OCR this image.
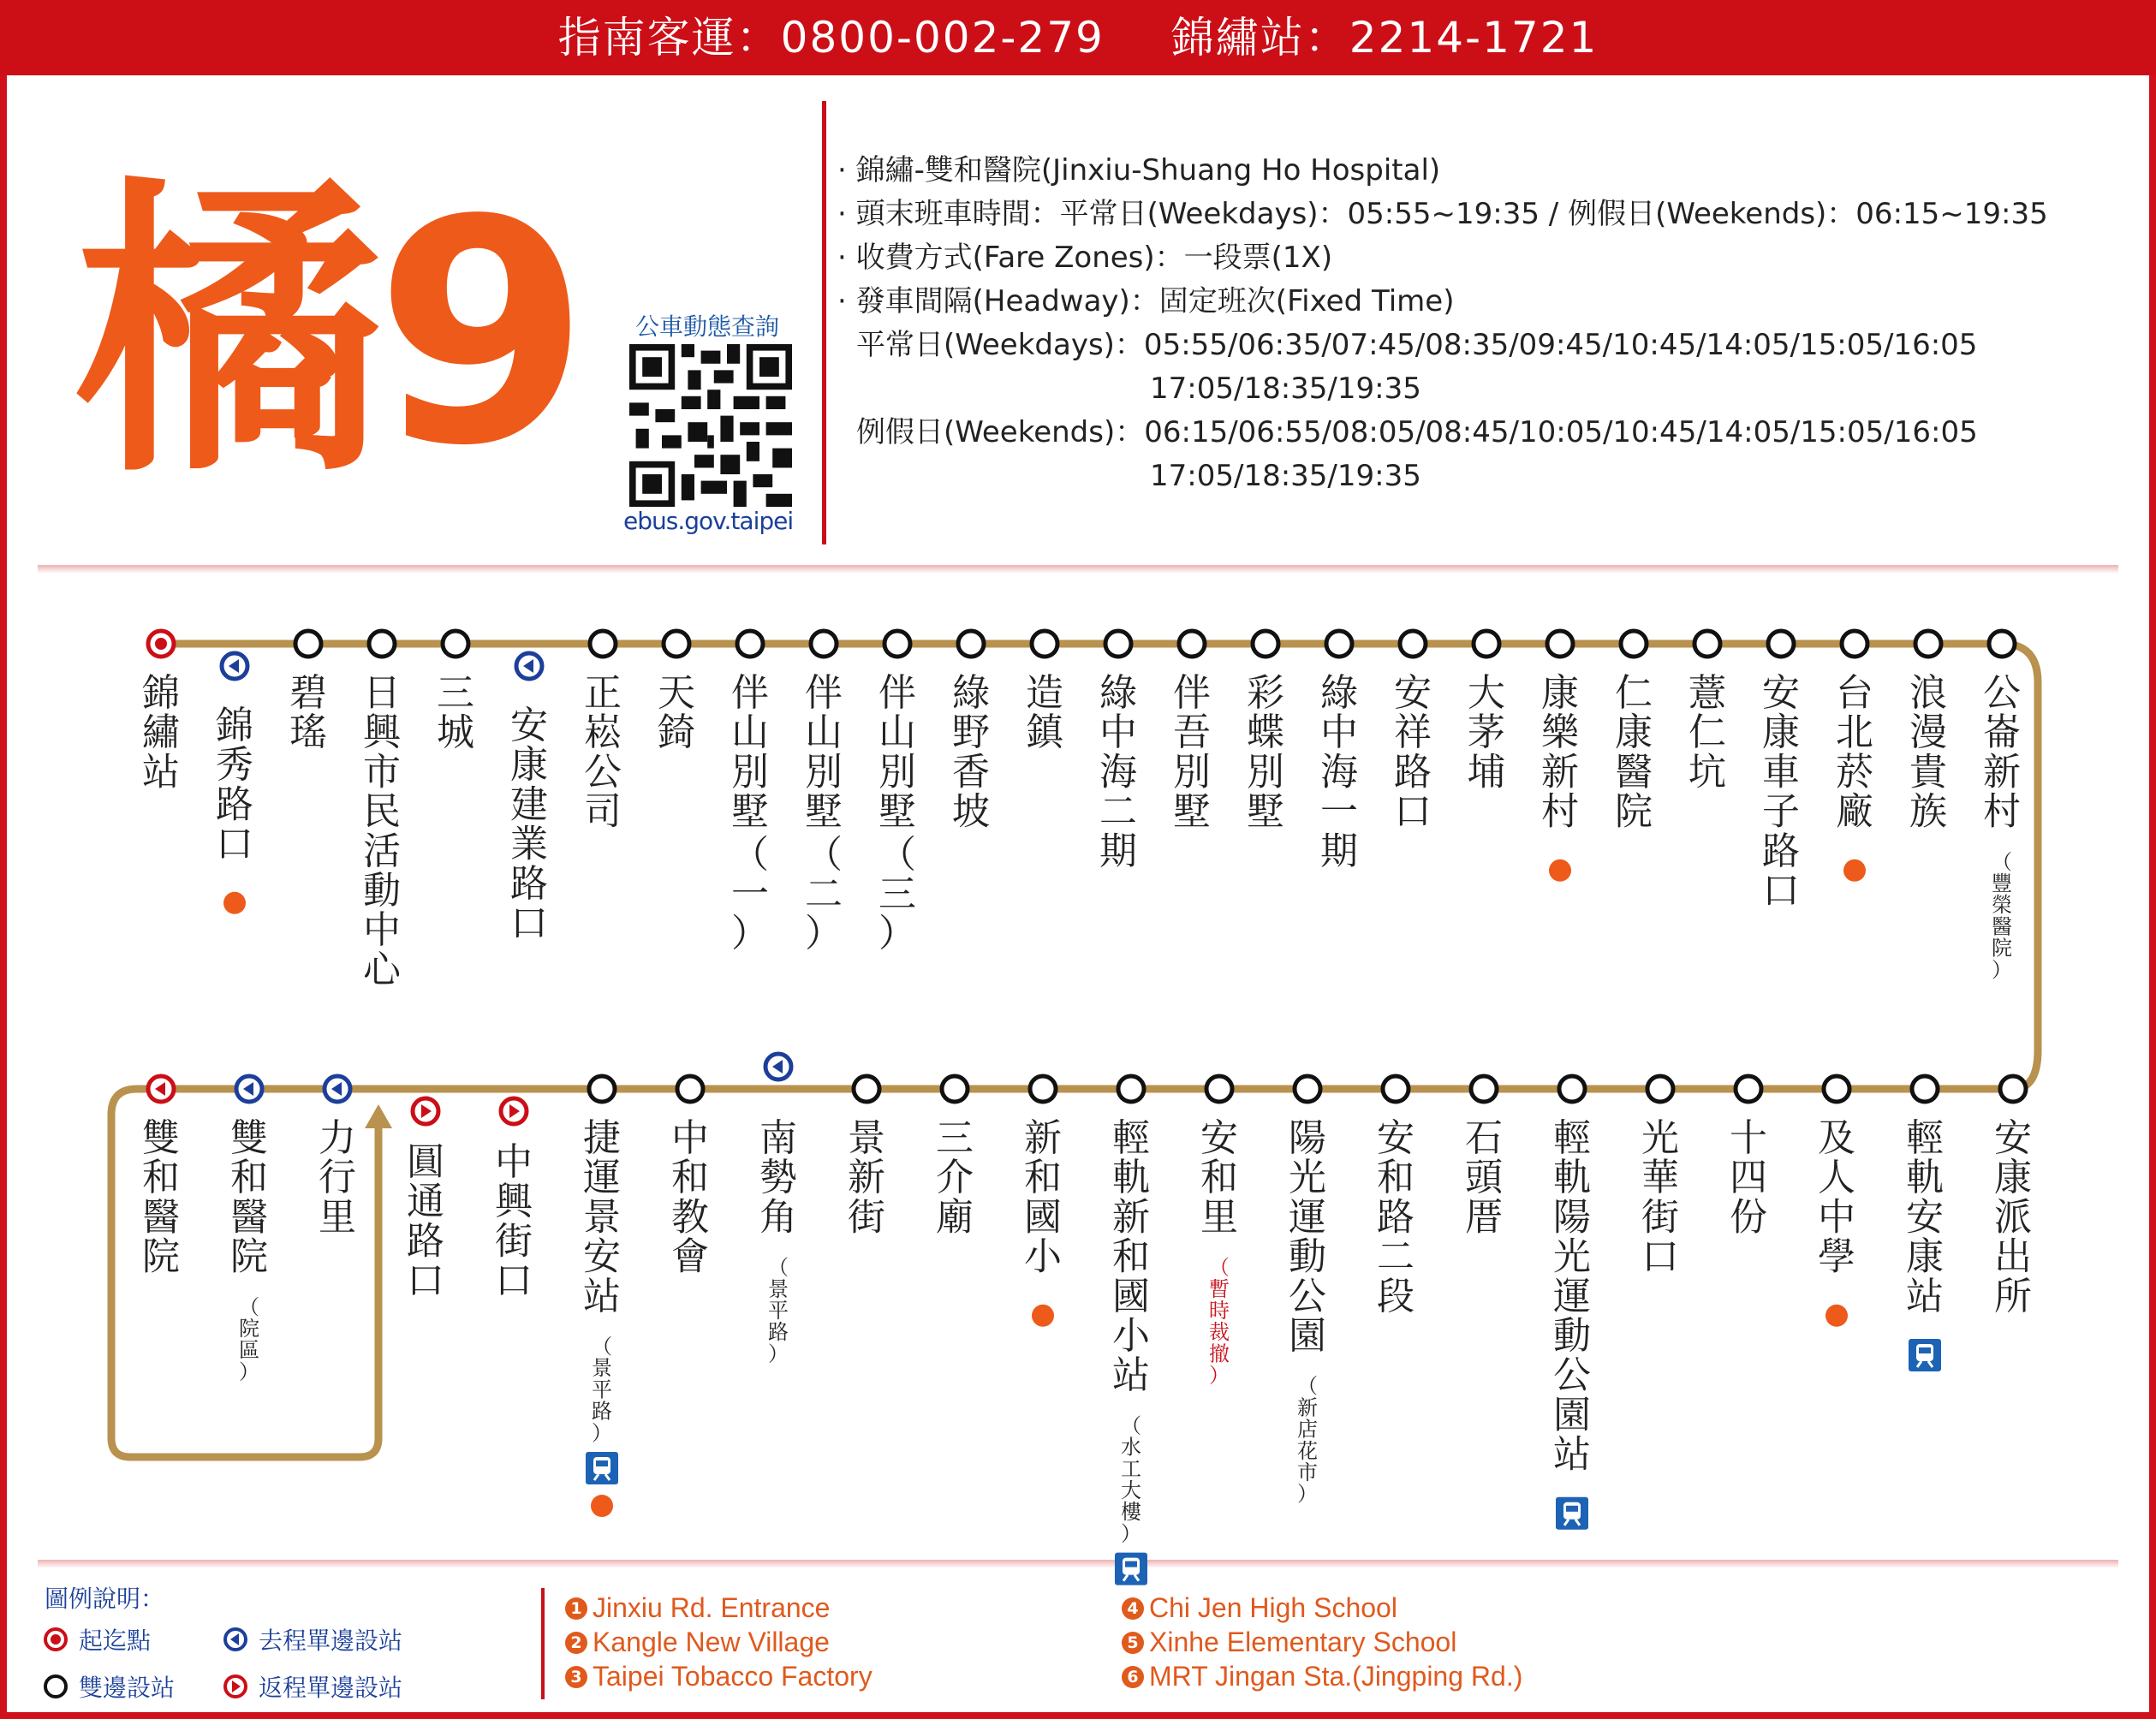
指南客運：0800-002-279 錦繡站：2214-1721
橘9 公車動態查詢
ebus.gov.taipei
· 錦繡-雙和醫院(Jinxiu-Shuang Ho Hospital)
· 頭末班車時間：平常日(Weekdays)：05:55~19:35 / 例假日(Weekends)：06:15~19:35
· 收費方式(Fare Zones)：一段票(1X)
· 發車間隔(Headway)：固定班次(Fixed Time)
平常日(Weekdays)：05:55/06:35/07:45/08:35/09:45/10:45/14:05/15:05/16:05
17:05/18:35/19:35
例假日(Weekends)：06:15/06:55/08:05/08:45/10:05/10:45/14:05/15:05/16:05
17:05/18:35/19:35
錦
繡
站
錦
秀
路
口
碧
瑤
日
興
市
民
活
動
中
心
三
城 安
康
建
業
路
口
正
崧
公
司
天
錡
伴
山
別
墅
（
一
）
伴
山
別
墅
（
二
）
伴
山
別
墅
（
三
）
綠
野
香
坡
造
鎮
綠
中
海
二
期
伴
吾
別
墅
彩
蝶
別
墅
綠
中
海
一
期
安
祥
路
口
大
茅
埔
康
樂
新
村
仁
康
醫
院
薏
仁
坑
安
康
車
子
路
口
台
北
菸
廠
浪
漫
貴
族
公
崙
新
村
（
豐
榮
醫
院
）
雙
和
醫
院
雙
和
醫
院
（
院
區
）
力
行
里
圓
通
路
口
中
興
街
口
捷
運
景
安
站
（
景
平
路
）
中
和
教
會
南
勢
角
（
景
平
路
）
景
新
街
三
介
廟
新
和
國
小
輕
軌
新
和
國
小
站
（
水
工
大
樓
）
安
和
里
（
暫
時
裁
撤
）
陽
光
運
動
公
園
（
新
店
花
市
）
安
和
路
二
段
石
頭
厝
輕
軌
陽
光
運
動
公
園
站
光
華
街
口
十
四
份
及
人
中
學
輕
軌
安
康
站
安
康
派
出
所
圖例說明：
起迄點
雙邊設站
去程單邊設站
返程單邊設站
1 Jinxiu Rd. Entrance
2 Kangle New Village
3 Taipei Tobacco Factory
4 Chi Jen High School
5 Xinhe Elementary School
6 MRT Jingan Sta.(Jingping Rd.)
